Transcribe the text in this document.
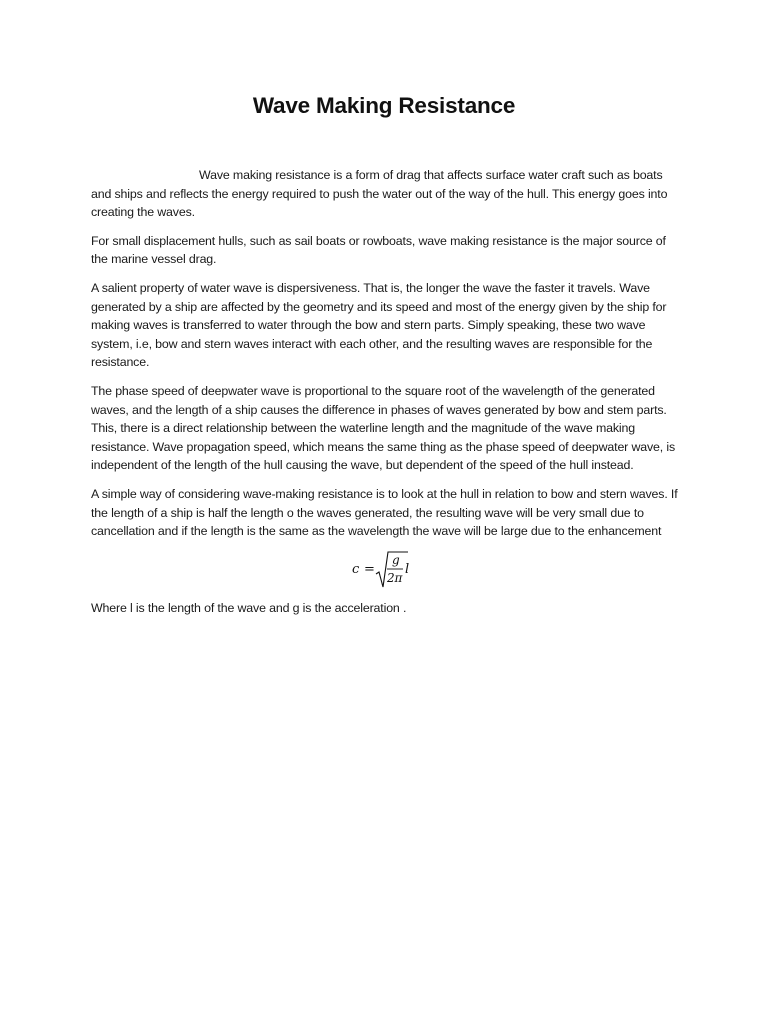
Wave Making Resistance

Wave making resistance is a form of drag that affects surface water craft such as boats and ships and reflects the energy required to push the water out of the way of the hull. This energy goes into creating the waves.

For small displacement hulls, such as sail boats or rowboats, wave making resistance is the major source of the marine vessel drag.

A salient property of water wave is dispersiveness. That is, the longer the wave the faster it travels. Wave generated by a ship are affected by the geometry and its speed and most of the energy given by the ship for making waves is transferred to water through the bow and stern parts. Simply speaking, these two wave system, i.e, bow and stern waves interact with each other, and the resulting waves are responsible for the resistance.

The phase speed of deepwater wave is proportional to the square root of the wavelength of the generated waves, and the length of a ship causes the difference in phases of waves generated by bow and stem parts. This, there is a direct relationship between the waterline length and the magnitude of the wave making resistance. Wave propagation speed, which means the same thing as the phase speed of deepwater wave, is independent of the length of the hull causing the wave, but dependent of the speed of the hull instead.

A simple way of considering wave-making resistance is to look at the hull in relation to bow and stern waves. If the length of a ship is half the length o the waves generated, the resulting wave will be very small due to cancellation and if the length is the same as the wavelength the wave will be large due to the enhancement

c =
g
2π
l

Where l is the length of the wave and g is the acceleration .
